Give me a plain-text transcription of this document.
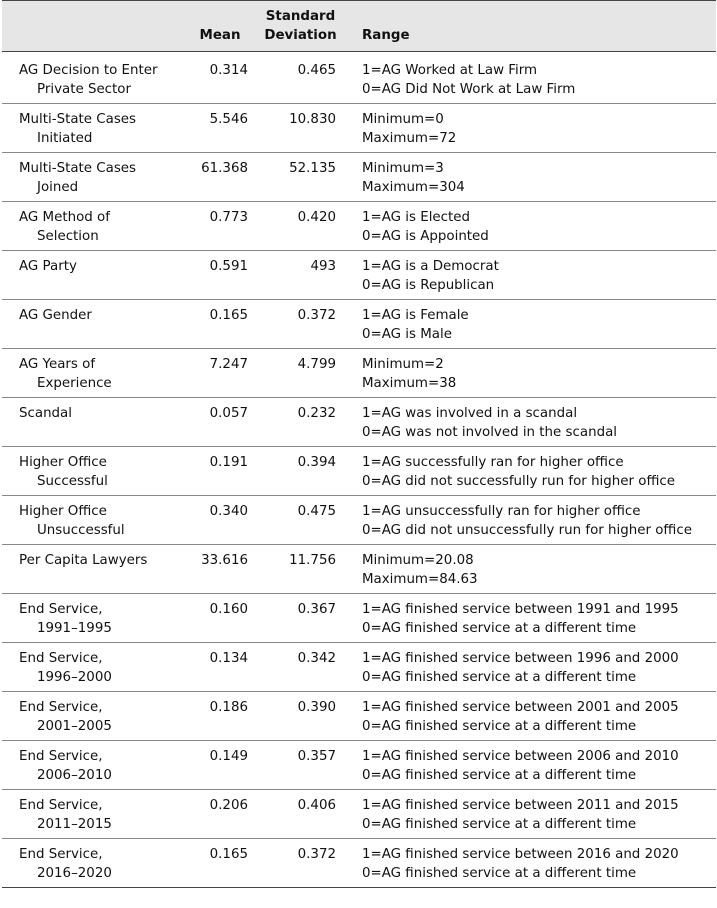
	Mean	Standard
Deviation	Range
AG Decision to Enter
Private Sector	0.314	0.465	1=AG Worked at Law Firm
0=AG Did Not Work at Law Firm

Multi-State Cases
Initiated	5.546	10.830	Minimum=0
Maximum=72

Multi-State Cases
Joined	61.368	52.135	Minimum=3
Maximum=304

AG Method of
Selection	0.773	0.420	1=AG is Elected
0=AG is Appointed

AG Party	0.591	493	1=AG is a Democrat
0=AG is Republican

AG Gender	0.165	0.372	1=AG is Female
0=AG is Male

AG Years of
Experience	7.247	4.799	Minimum=2
Maximum=38

Scandal	0.057	0.232	1=AG was involved in a scandal
0=AG was not involved in the scandal

Higher Office
Successful	0.191	0.394	1=AG successfully ran for higher office
0=AG did not successfully run for higher office

Higher Office
Unsuccessful	0.340	0.475	1=AG unsuccessfully ran for higher office
0=AG did not unsuccessfully run for higher office

Per Capita Lawyers	33.616	11.756	Minimum=20.08
Maximum=84.63

End Service,
1991–1995	0.160	0.367	1=AG finished service between 1991 and 1995
0=AG finished service at a different time

End Service,
1996–2000	0.134	0.342	1=AG finished service between 1996 and 2000
0=AG finished service at a different time

End Service,
2001–2005	0.186	0.390	1=AG finished service between 2001 and 2005
0=AG finished service at a different time

End Service,
2006–2010	0.149	0.357	1=AG finished service between 2006 and 2010
0=AG finished service at a different time

End Service,
2011–2015	0.206	0.406	1=AG finished service between 2011 and 2015
0=AG finished service at a different time

End Service,
2016–2020	0.165	0.372	1=AG finished service between 2016 and 2020
0=AG finished service at a different time
